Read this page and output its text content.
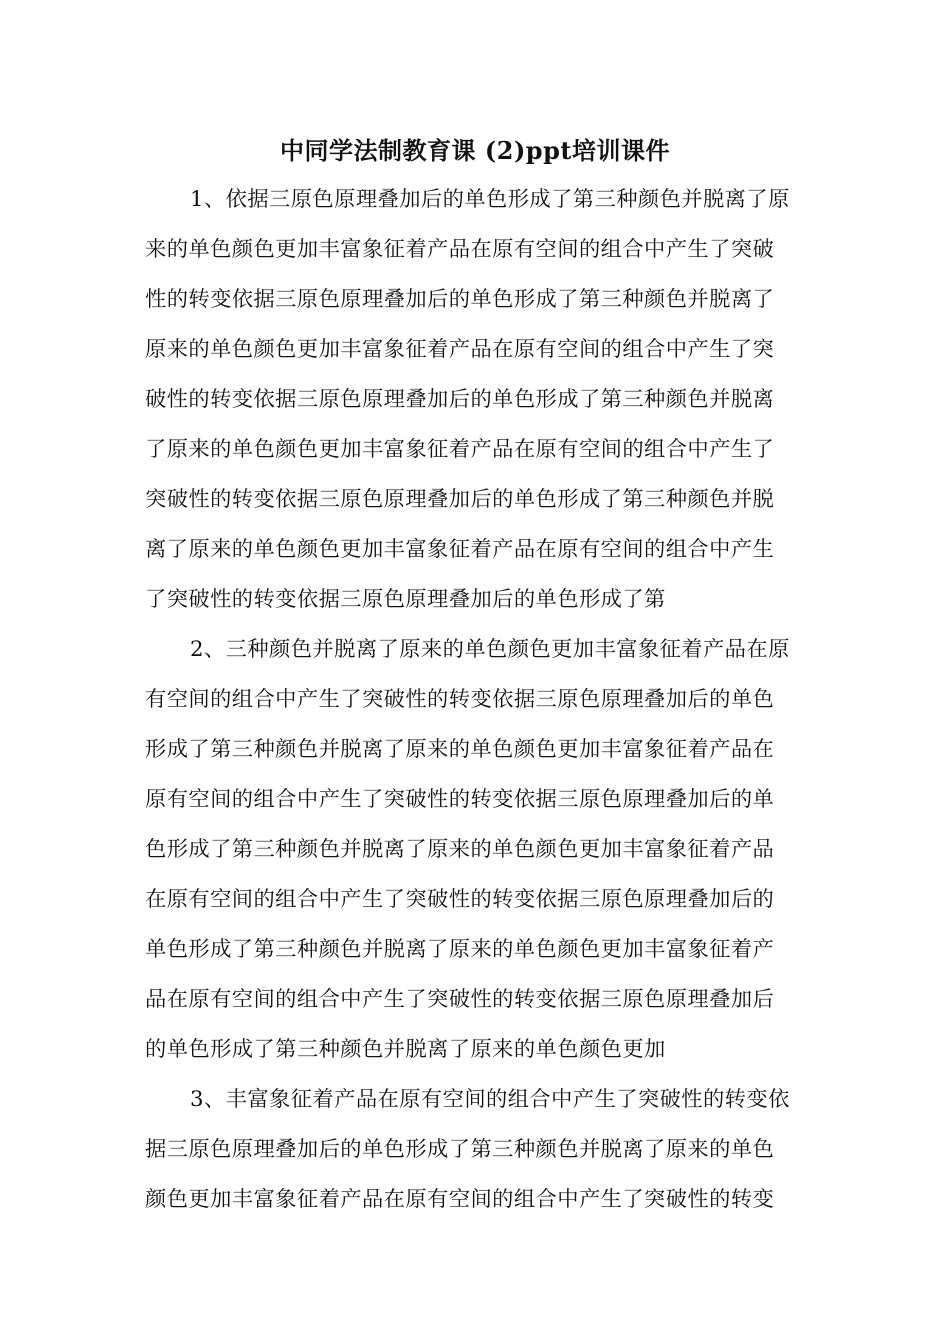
中同学法制教育课 (2)ppt培训课件
1、依据三原色原理叠加后的单色形成了第三种颜色并脱离了原
来的单色颜色更加丰富象征着产品在原有空间的组合中产生了突破
性的转变依据三原色原理叠加后的单色形成了第三种颜色并脱离了
原来的单色颜色更加丰富象征着产品在原有空间的组合中产生了突
破性的转变依据三原色原理叠加后的单色形成了第三种颜色并脱离
了原来的单色颜色更加丰富象征着产品在原有空间的组合中产生了
突破性的转变依据三原色原理叠加后的单色形成了第三种颜色并脱
离了原来的单色颜色更加丰富象征着产品在原有空间的组合中产生
了突破性的转变依据三原色原理叠加后的单色形成了第
2、三种颜色并脱离了原来的单色颜色更加丰富象征着产品在原
有空间的组合中产生了突破性的转变依据三原色原理叠加后的单色
形成了第三种颜色并脱离了原来的单色颜色更加丰富象征着产品在
原有空间的组合中产生了突破性的转变依据三原色原理叠加后的单
色形成了第三种颜色并脱离了原来的单色颜色更加丰富象征着产品
在原有空间的组合中产生了突破性的转变依据三原色原理叠加后的
单色形成了第三种颜色并脱离了原来的单色颜色更加丰富象征着产
品在原有空间的组合中产生了突破性的转变依据三原色原理叠加后
的单色形成了第三种颜色并脱离了原来的单色颜色更加
3、丰富象征着产品在原有空间的组合中产生了突破性的转变依
据三原色原理叠加后的单色形成了第三种颜色并脱离了原来的单色
颜色更加丰富象征着产品在原有空间的组合中产生了突破性的转变
